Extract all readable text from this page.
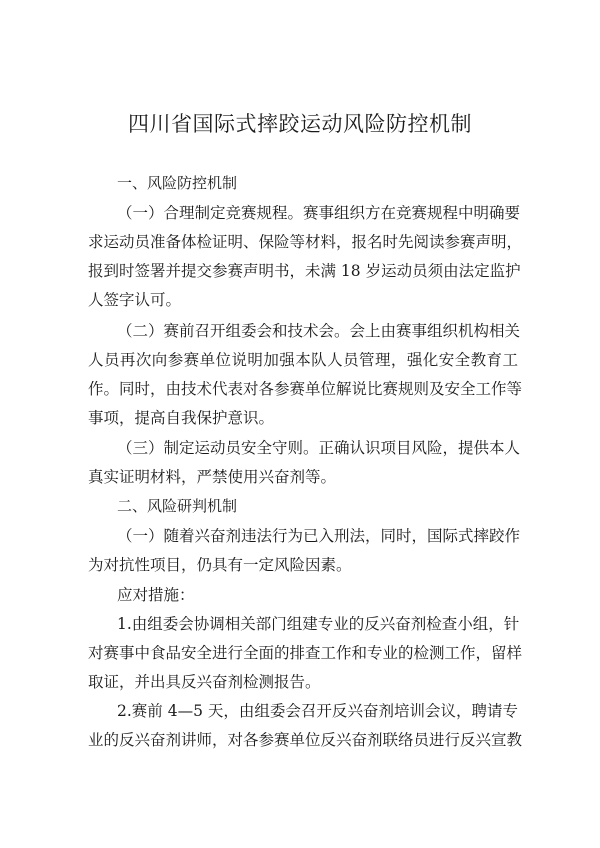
四川省国际式摔跤运动风险防控机制
一、风险防控机制

（一）合理制定竞赛规程。赛事组织方在竞赛规程中明确要

求运动员准备体检证明、保险等材料，报名时先阅读参赛声明，

报到时签署并提交参赛声明书，未满 18 岁运动员须由法定监护

人签字认可。

（二）赛前召开组委会和技术会。会上由赛事组织机构相关

人员再次向参赛单位说明加强本队人员管理，强化安全教育工

作。同时，由技术代表对各参赛单位解说比赛规则及安全工作等

事项，提高自我保护意识。

（三）制定运动员安全守则。正确认识项目风险，提供本人

真实证明材料，严禁使用兴奋剂等。

二、风险研判机制

（一）随着兴奋剂违法行为已入刑法，同时，国际式摔跤作

为对抗性项目，仍具有一定风险因素。

应对措施：

1.由组委会协调相关部门组建专业的反兴奋剂检查小组，针

对赛事中食品安全进行全面的排查工作和专业的检测工作，留样

取证，并出具反兴奋剂检测报告。

2.赛前 4—5 天，由组委会召开反兴奋剂培训会议，聘请专

业的反兴奋剂讲师，对各参赛单位反兴奋剂联络员进行反兴宣教
